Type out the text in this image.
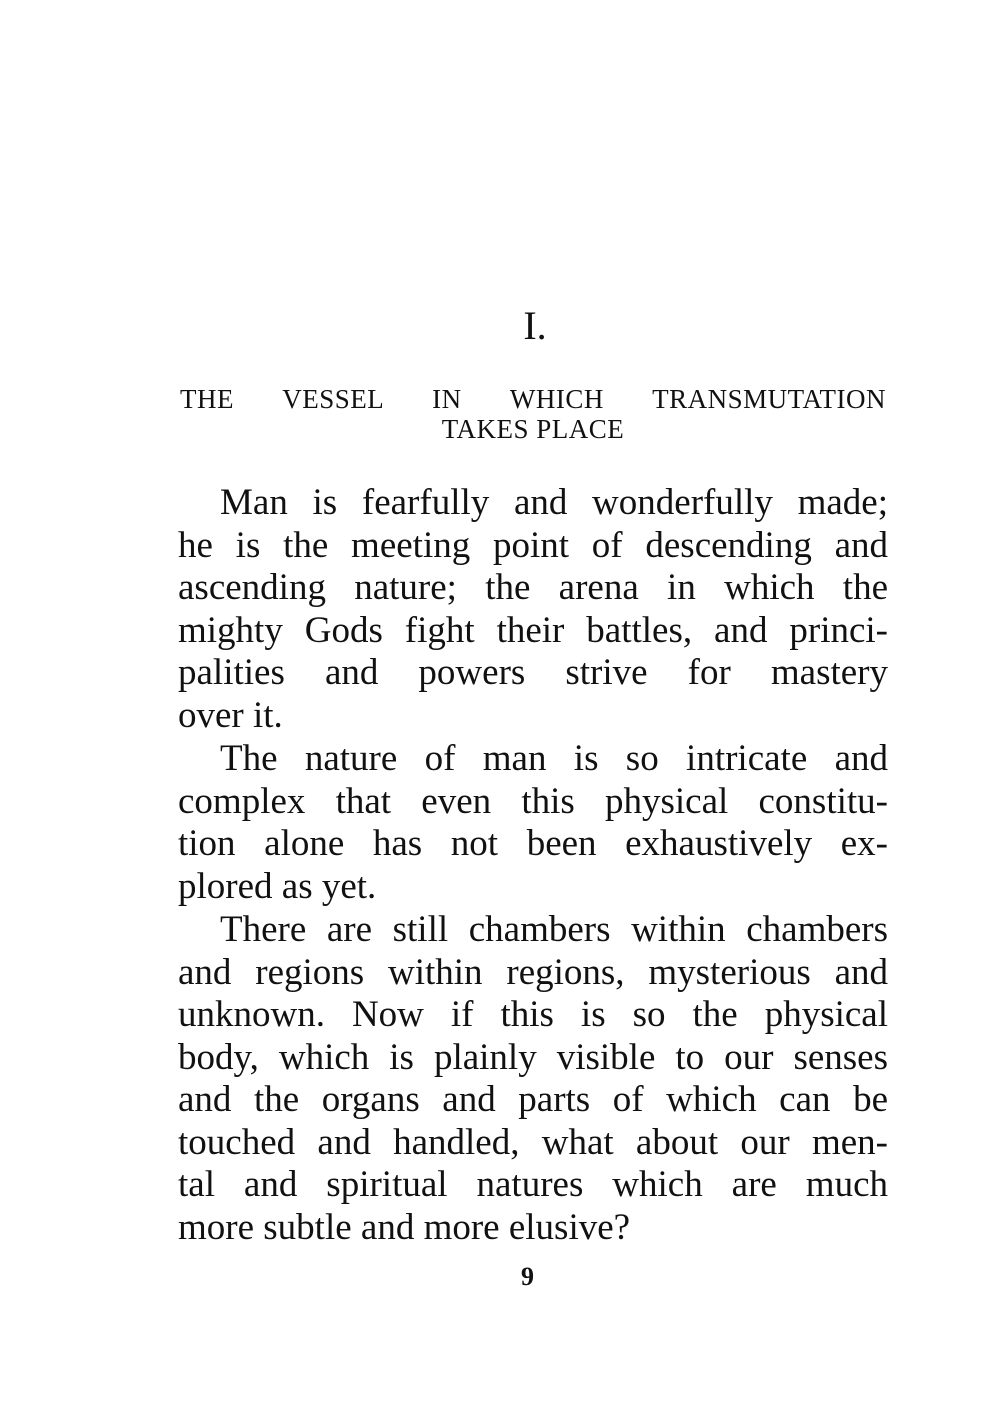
I.
THE VESSEL IN WHICH TRANSMUTATION
TAKES PLACE
Man is fearfully and wonderfully made;
he is the meeting point of descending and
ascending nature; the arena in which the
mighty Gods fight their battles, and princi-
palities and powers strive for mastery
over it.
The nature of man is so intricate and
complex that even this physical constitu-
tion alone has not been exhaustively ex-
plored as yet.
There are still chambers within chambers
and regions within regions, mysterious and
unknown. Now if this is so the physical
body, which is plainly visible to our senses
and the organs and parts of which can be
touched and handled, what about our men-
tal and spiritual natures which are much
more subtle and more elusive?
9
